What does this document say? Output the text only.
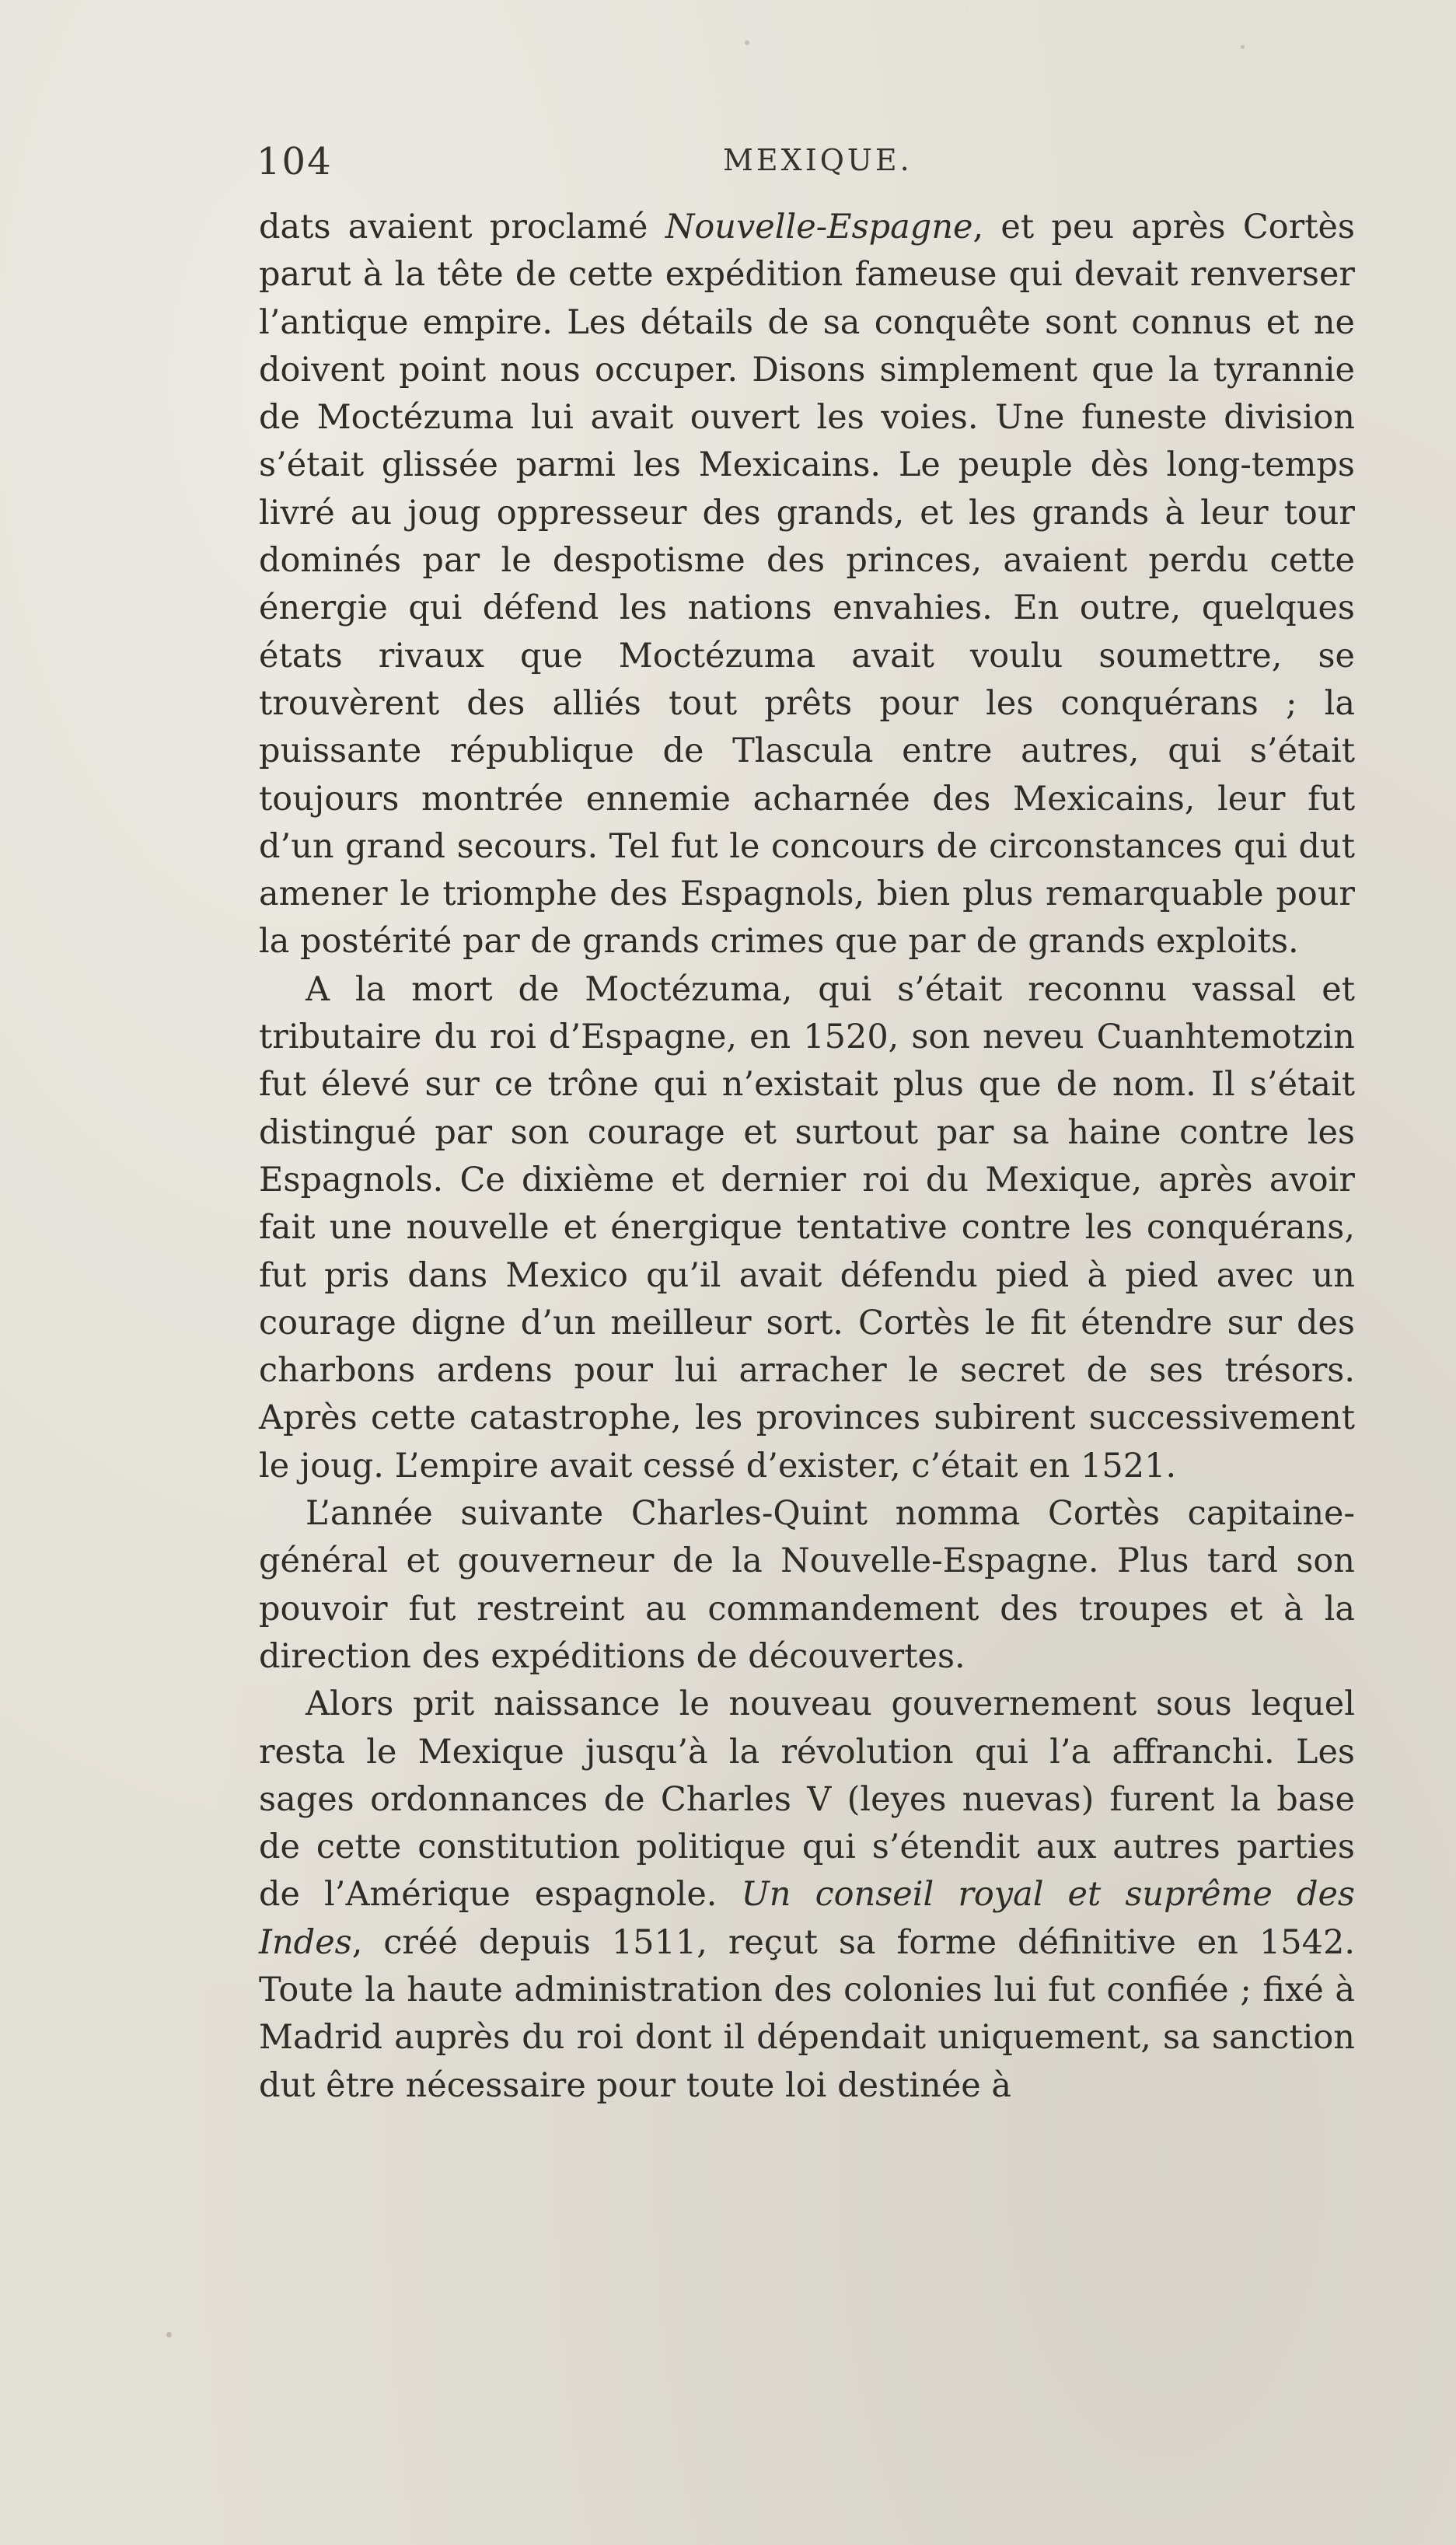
104	MEXIQUE.

dats avaient proclamé Nouvelle-Espagne, et peu après Cortès parut à la tête de cette expédition fameuse qui devait renverser l’antique empire. Les détails de sa conquête sont connus et ne doivent point nous occuper. Disons simplement que la tyrannie de Moctézuma lui avait ouvert les voies. Une funeste division s’était glissée parmi les Mexicains. Le peuple dès long-temps livré au joug oppresseur des grands, et les grands à leur tour dominés par le despotisme des princes, avaient perdu cette énergie qui défend les nations envahies. En outre, quelques états rivaux que Moctézuma avait voulu soumettre, se trouvèrent des alliés tout prêts pour les conquérans ; la puissante république de Tlascula entre autres, qui s’était toujours montrée ennemie acharnée des Mexicains, leur fut d’un grand secours. Tel fut le concours de circonstances qui dut amener le triomphe des Espagnols, bien plus remarquable pour la postérité par de grands crimes que par de grands exploits.

A la mort de Moctézuma, qui s’était reconnu vassal et tributaire du roi d’Espagne, en 1520, son neveu Cuanhtemotzin fut élevé sur ce trône qui n’existait plus que de nom. Il s’était distingué par son courage et surtout par sa haine contre les Espagnols. Ce dixième et dernier roi du Mexique, après avoir fait une nouvelle et énergique tentative contre les conquérans, fut pris dans Mexico qu’il avait défendu pied à pied avec un courage digne d’un meilleur sort. Cortès le fit étendre sur des charbons ardens pour lui arracher le secret de ses trésors. Après cette catastrophe, les provinces subirent successivement le joug. L’empire avait cessé d’exister, c’était en 1521.

L’année suivante Charles-Quint nomma Cortès capitaine-général et gouverneur de la Nouvelle-Espagne. Plus tard son pouvoir fut restreint au commandement des troupes et à la direction des expéditions de découvertes.

Alors prit naissance le nouveau gouvernement sous lequel resta le Mexique jusqu’à la révolution qui l’a affranchi. Les sages ordonnances de Charles V (leyes nuevas) furent la base de cette constitution politique qui s’étendit aux autres parties de l’Amérique espagnole. Un conseil royal et suprême des Indes, créé depuis 1511, reçut sa forme définitive en 1542. Toute la haute administration des colonies lui fut confiée ; fixé à Madrid auprès du roi dont il dépendait uniquement, sa sanction dut être nécessaire pour toute loi destinée à
